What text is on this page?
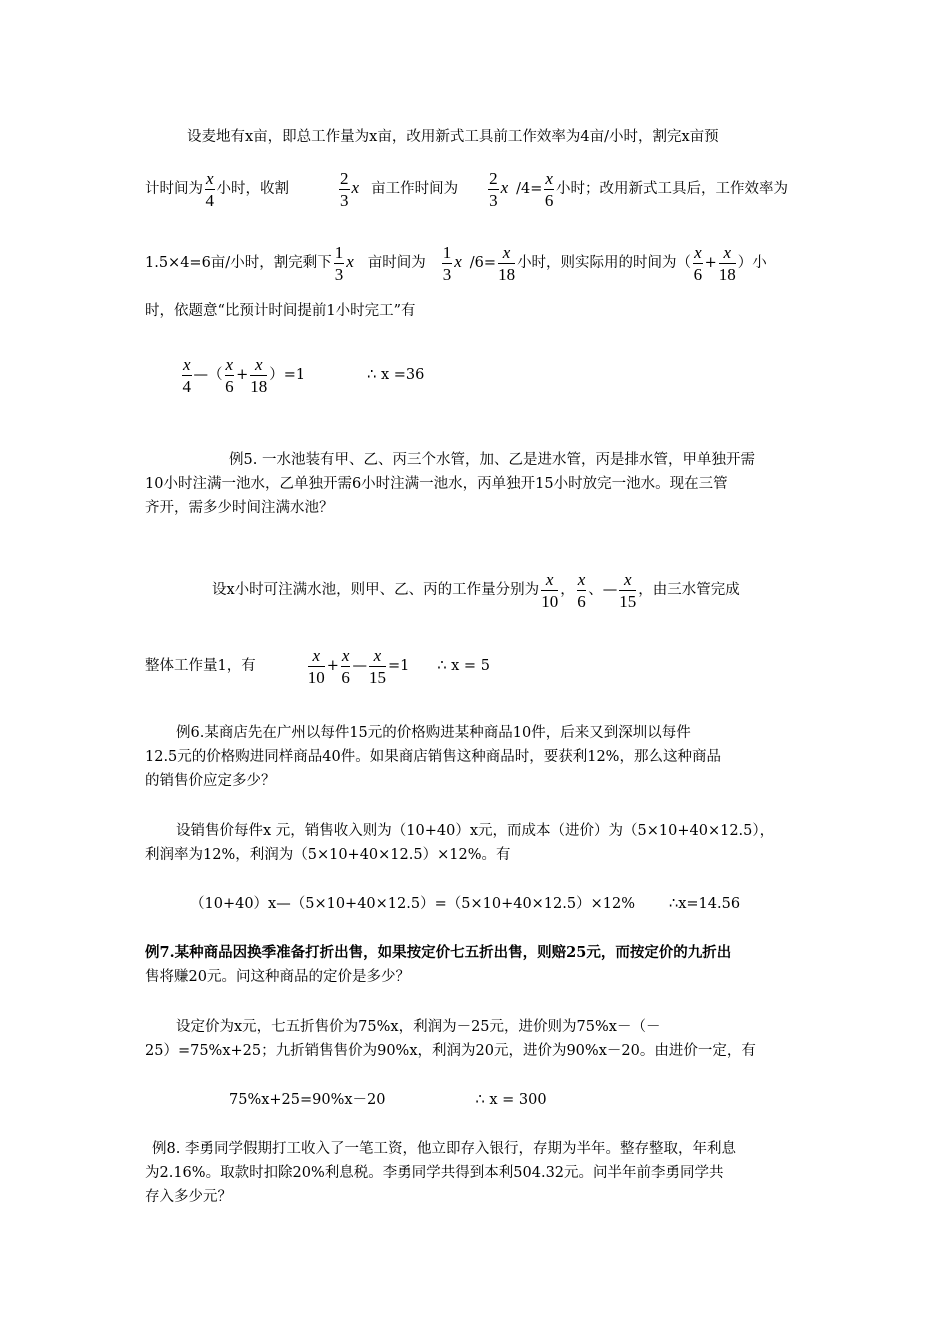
设麦地有x亩，即总工作量为x亩，改用新式工具前工作效率为4亩/小时，割完x亩预
计时间为 $\frac{x}{4}$ 小时，收割	$\frac{2}{3}$ x 亩工作时间为 $\frac{2}{3}$ x $/4= \frac{x}{6}$ 小时；改用新式工具后，工作效率为
1.5×4=6亩/小时，割完剩下 $\frac{1}{3}$ x 亩时间为 $\frac{1}{3}$ x $/6= \frac{x}{18}$ 小时，则实际用的时间为（ $\frac{x}{6} + \frac{x}{18}$ ）小
时，依题意“比预计时间提前1小时完工”有
$\frac{x}{4}$ —（ $\frac{x}{6} + \frac{x}{18} )=1$	∴ x =36
例5. 一水池装有甲、乙、丙三个水管，加、乙是进水管，丙是排水管，甲单独开需
10小时注满一池水，乙单独开需6小时注满一池水，丙单独开15小时放完一池水。现在三管
齐开，需多少时间注满水池？
设x小时可注满水池，则甲、乙、丙的工作量分别为 $\frac{x}{10}$ ， $\frac{x}{6}$ 、— $\frac{x}{15}$ ，由三水管完成
整体工作量1，有	$\frac{x}{10} + \frac{x}{6}$ — $\frac{x}{15} =1$ ∴ x = 5
例6.某商店先在广州以每件15元的价格购进某种商品10件，后来又到深圳以每件
12.5元的价格购进同样商品40件。如果商店销售这种商品时，要获利12%，那么这种商品
的销售价应定多少？
设销售价每件x 元，销售收入则为（10+40）x元，而成本（进价）为（5×10+40×12.5），
利润率为12%，利润为（5×10+40×12.5）×12%。有
（10+40）x—（5×10+40×12.5）=（5×10+40×12.5）×12% ∴x=14.56
例7.某种商品因换季准备打折出售，如果按定价七五折出售，则赔25元，而按定价的九折出
售将赚20元。问这种商品的定价是多少？
设定价为x元，七五折售价为75%x，利润为－25元，进价则为75%x－（－
25）=75%x+25；九折销售售价为90%x，利润为20元，进价为90%x－20。由进价一定，有
75%x+25=90%x－20	∴ x = 300
例8. 李勇同学假期打工收入了一笔工资，他立即存入银行，存期为半年。整存整取，年利息
为2.16%。取款时扣除20%利息税。李勇同学共得到本利504.32元。问半年前李勇同学共
存入多少元？
